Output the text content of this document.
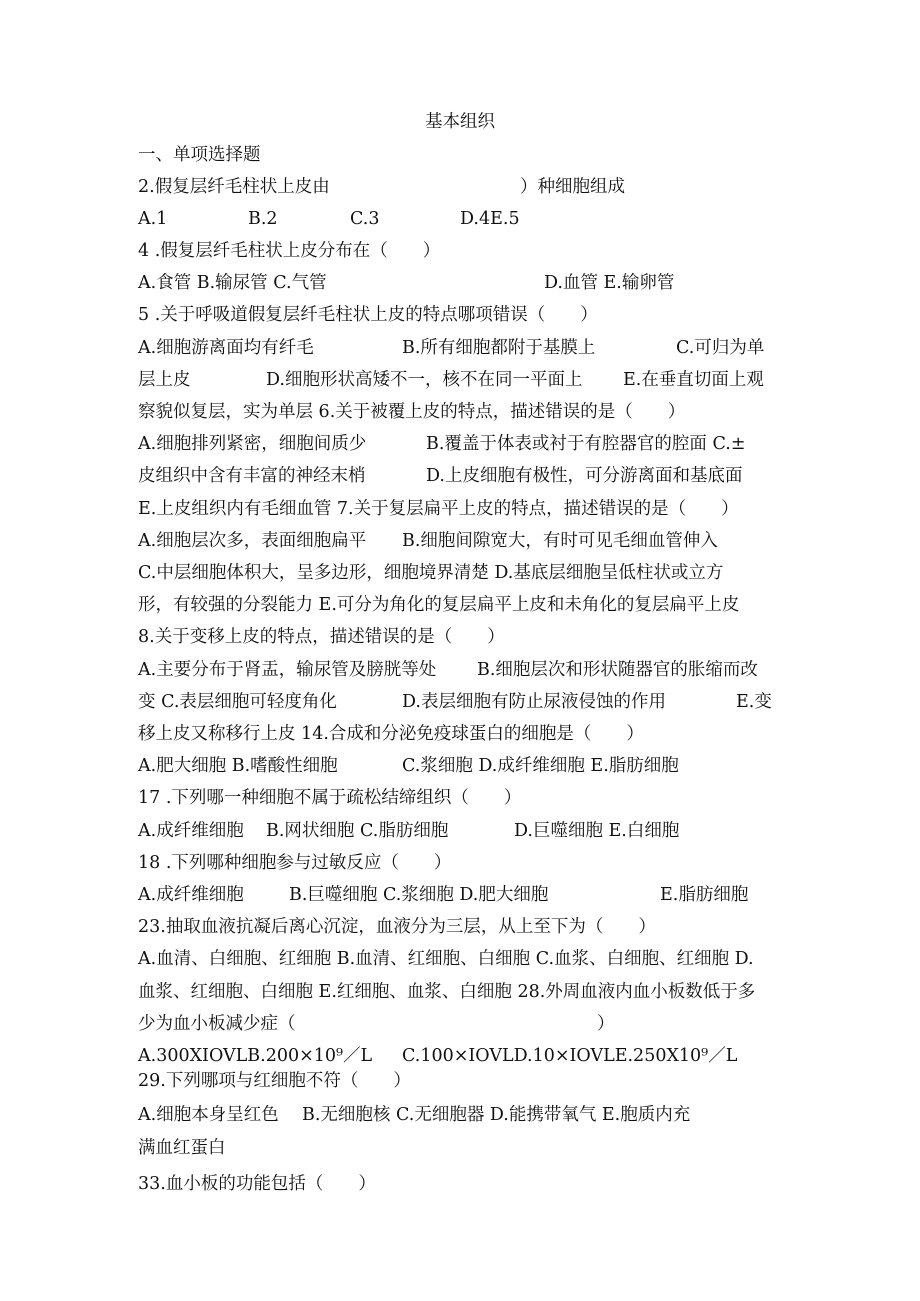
基本组织
一、单项选择题
2.假复层纤毛柱状上皮由	）种细胞组成
A.1	B.2	C.3	D.4E.5
4 .假复层纤毛柱状上皮分布在（　　）
A.食管 B.输尿管 C.气管	D.血管 E.输卵管
5 .关于呼吸道假复层纤毛柱状上皮的特点哪项错误（　　）
A.细胞游离面均有纤毛	B.所有细胞都附于基膜上	C.可归为单
层上皮	D.细胞形状高矮不一，核不在同一平面上 E.在垂直切面上观
察貌似复层，实为单层 6.关于被覆上皮的特点，描述错误的是（　　）
A.细胞排列紧密，细胞间质少	B.覆盖于体表或衬于有腔器官的腔面 C.±
皮组织中含有丰富的神经末梢	D.上皮细胞有极性，可分游离面和基底面
E.上皮组织内有毛细血管 7.关于复层扁平上皮的特点，描述错误的是（　　）
A.细胞层次多，表面细胞扁平 B.细胞间隙宽大，有时可见毛细血管伸入
C.中层细胞体积大，呈多边形，细胞境界清楚 D.基底层细胞呈低柱状或立方
形，有较强的分裂能力 E.可分为角化的复层扁平上皮和未角化的复层扁平上皮
8.关于变移上皮的特点，描述错误的是（　　）
A.主要分布于肾盂，输尿管及膀胱等处 B.细胞层次和形状随器官的胀缩而改
变 C.表层细胞可轻度角化	D.表层细胞有防止尿液侵蚀的作用	E.变
移上皮又称移行上皮 14.合成和分泌免疫球蛋白的细胞是（　　）
A.肥大细胞 B.嗜酸性细胞	C.浆细胞 D.成纤维细胞 E.脂肪细胞
17 .下列哪一种细胞不属于疏松结缔组织（　　）
A.成纤维细胞 B.网状细胞 C.脂肪细胞	D.巨噬细胞 E.白细胞
18 .下列哪种细胞参与过敏反应（　　）
A.成纤维细胞	B.巨噬细胞 C.浆细胞 D.肥大细胞	E.脂肪细胞
23.抽取血液抗凝后离心沉淀，血液分为三层，从上至下为（　　）
A.血清、白细胞、红细胞 B.血清、红细胞、白细胞 C.血浆、白细胞、红细胞 D.
血浆、红细胞、白细胞 E.红细胞、血浆、白细胞 28.外周血液内血小板数低于多
少为血小板减少症（	）
A.300XIOVLB.200×10⁹／L C.100×IOVLD.10×IOVLE.250X10⁹／L
29.下列哪项与红细胞不符（　　）
A.细胞本身呈红色 B.无细胞核 C.无细胞器 D.能携带氧气 E.胞质内充
满血红蛋白
33.血小板的功能包括（　　）
